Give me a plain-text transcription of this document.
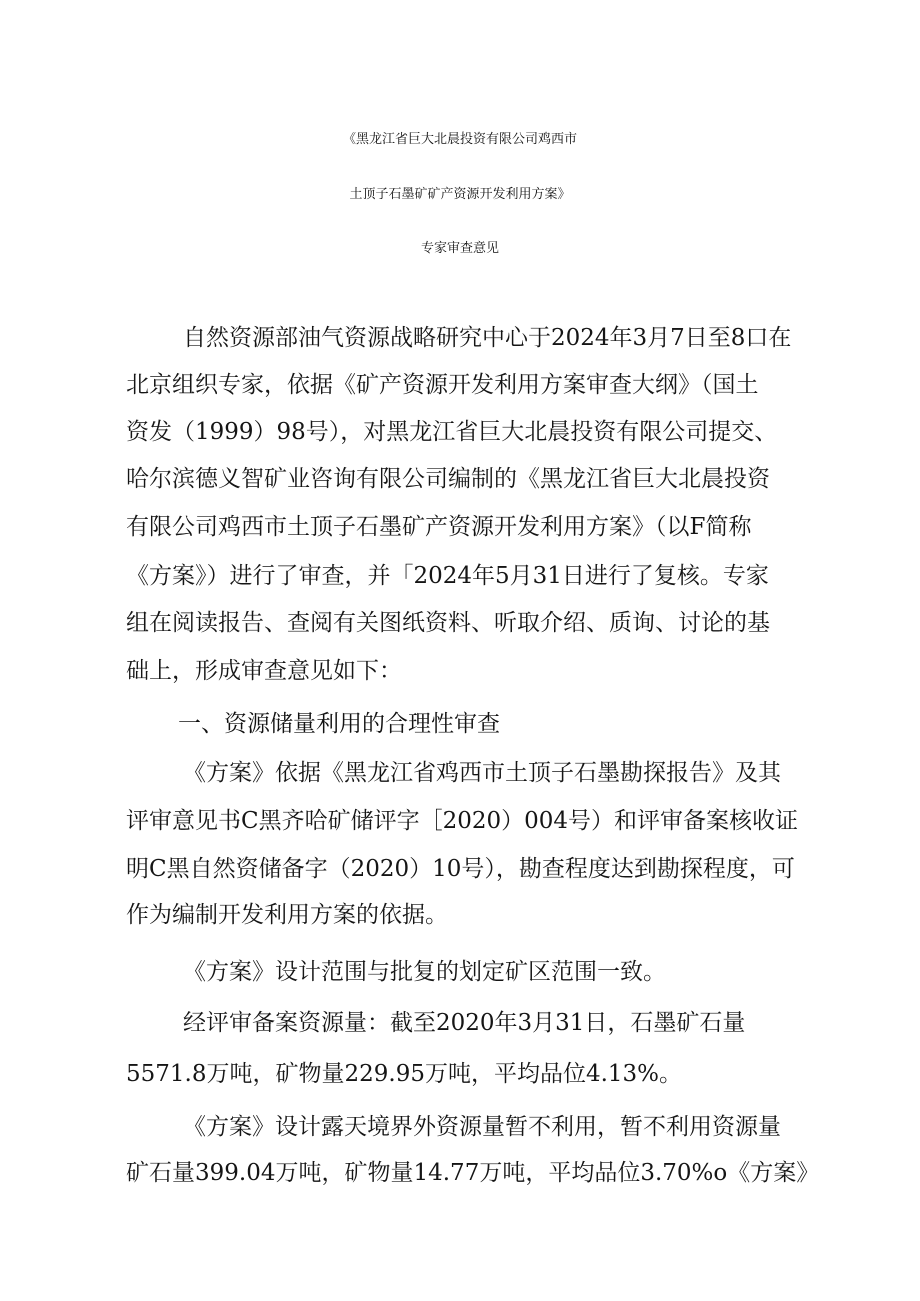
《黑龙江省巨大北晨投资有限公司鸡西市
土顶子石墨矿矿产资源开发利用方案》
专家审查意见
自然资源部油气资源战略研究中心于2024年3月7日至8口在
北京组织专家，依据《矿产资源开发利用方案审查大纲》（国土
资发（1999）98号），对黑龙江省巨大北晨投资有限公司提交、
哈尔滨德义智矿业咨询有限公司编制的《黑龙江省巨大北晨投资
有限公司鸡西市土顶子石墨矿产资源开发利用方案》（以F简称
《方案》）进行了审查，并「2024年5月31日进行了复核。专家
组在阅读报告、查阅有关图纸资料、听取介绍、质询、讨论的基
础上，形成审查意见如下：
一、资源储量利用的合理性审查
《方案》依据《黑龙江省鸡西市土顶子石墨勘探报告》及其
评审意见书C黑齐哈矿储评字［2020）004号）和评审备案核收证
明C黑自然资储备字（2020）10号），勘查程度达到勘探程度，可
作为编制开发利用方案的依据。
《方案》设计范围与批复的划定矿区范围一致。
经评审备案资源量：截至2020年3月31日，石墨矿石量
5571.8万吨，矿物量229.95万吨，平均品位4.13%。
《方案》设计露天境界外资源量暂不利用，暂不利用资源量
矿石量399.04万吨，矿物量14.77万吨，平均品位3.70%o《方案》
